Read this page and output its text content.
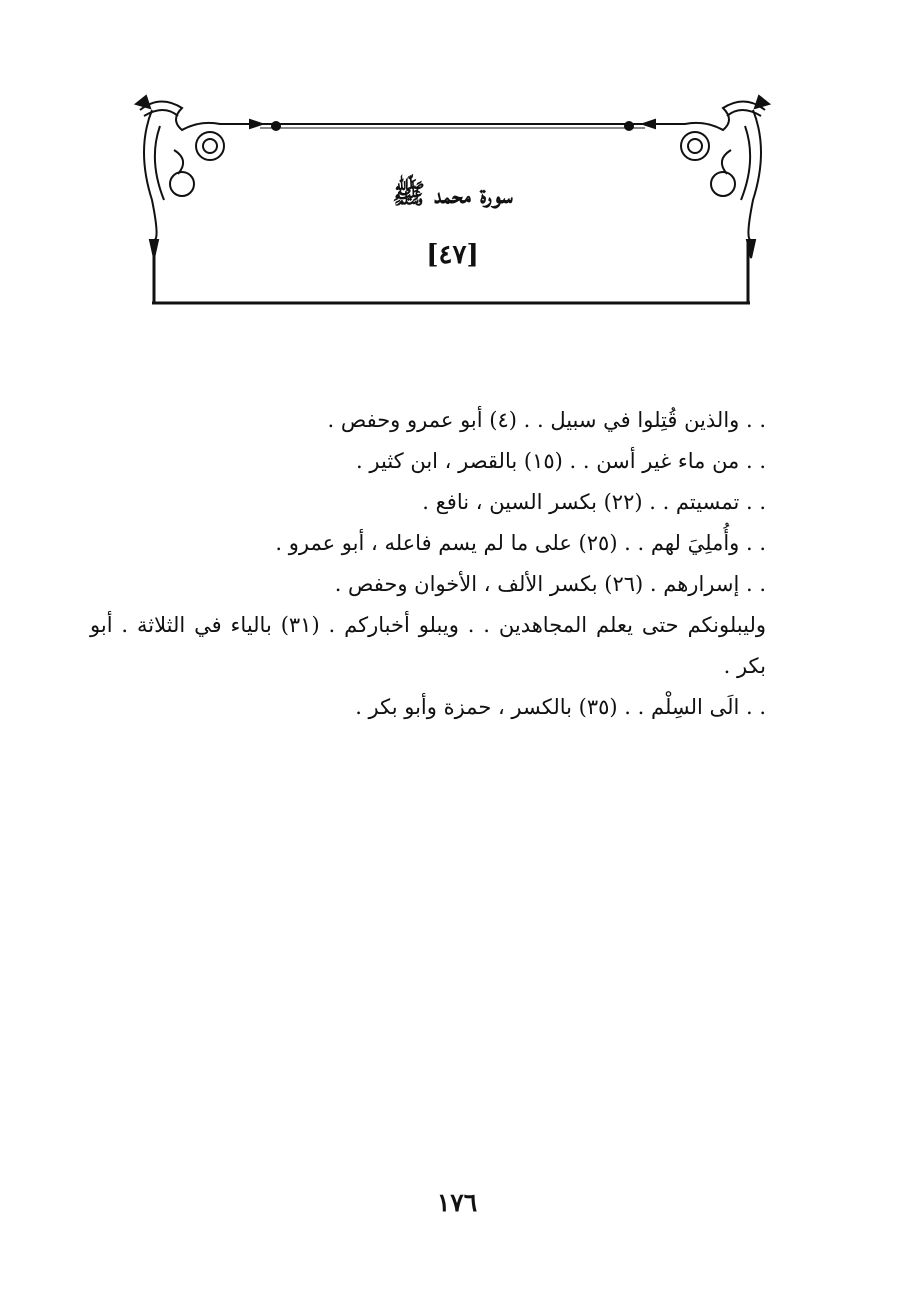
سورة محمد ﷺ
[٤٧]
. . والذين قُتِلوا في سبيل . . (٤) أبو عمرو وحفص .
. . من ماء غير أسن . . (١٥) بالقصر ، ابن كثير .
. . تمسيتم . . (٢٢) بكسر السين ، نافع .
. . وأُملِيَ لهم . . (٢٥) على ما لم يسم فاعله ، أبو عمرو .
. . إسرارهم . (٢٦) بكسر الألف ، الأخوان وحفص .
وليبلونكم حتى يعلم المجاهدين . . ويبلو أخباركم . (٣١) بالياء في الثلاثة . أبو بكر .
. . الَى السِلْم . . (٣٥) بالكسر ، حمزة وأبو بكر .
١٧٦
